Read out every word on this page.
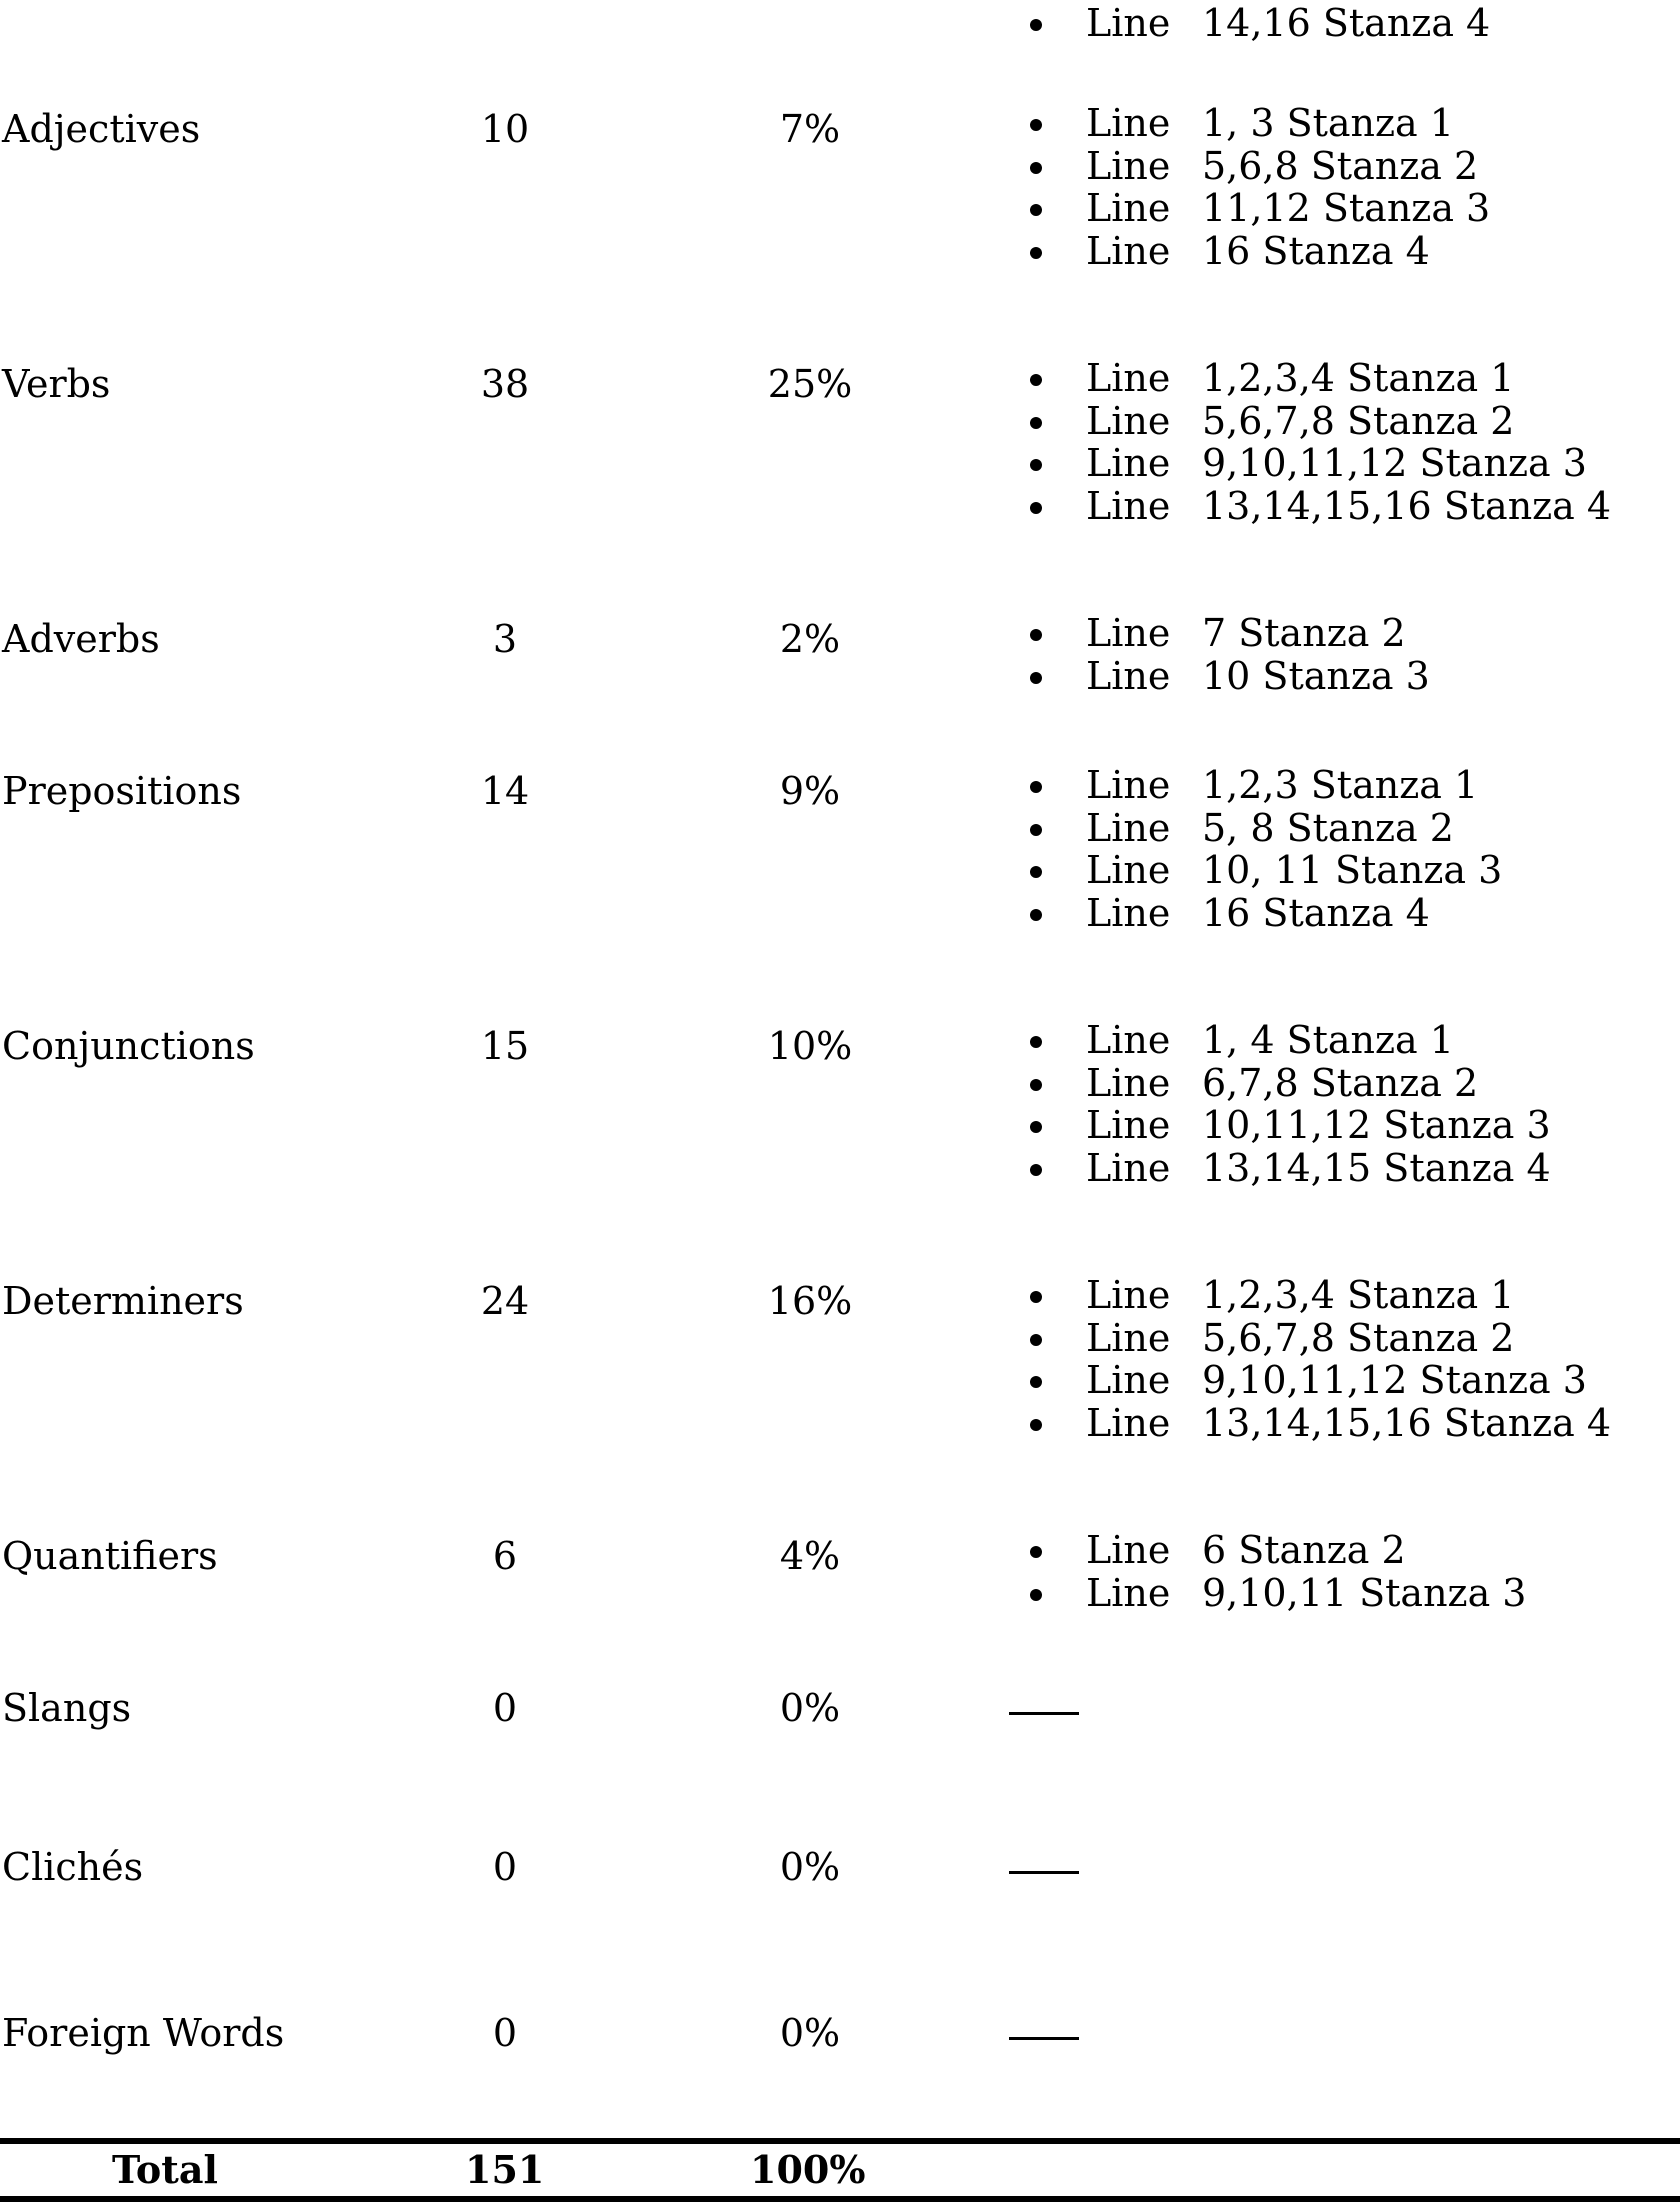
Line 14,16 Stanza 4
Adjectives	10	7%	Line 1, 3 Stanza 1
Line 5,6,8 Stanza 2
Line 11,12 Stanza 3
Line 16 Stanza 4
Verbs	38	25%	Line 1,2,3,4 Stanza 1
Line 5,6,7,8 Stanza 2
Line 9,10,11,12 Stanza 3
Line 13,14,15,16 Stanza 4
Adverbs	3	2%	Line 7 Stanza 2
Line 10 Stanza 3
Prepositions	14	9%	Line 1,2,3 Stanza 1
Line 5, 8 Stanza 2
Line 10, 11 Stanza 3
Line 16 Stanza 4
Conjunctions	15	10%	Line 1, 4 Stanza 1
Line 6,7,8 Stanza 2
Line 10,11,12 Stanza 3
Line 13,14,15 Stanza 4
Determiners	24	16%	Line 1,2,3,4 Stanza 1
Line 5,6,7,8 Stanza 2
Line 9,10,11,12 Stanza 3
Line 13,14,15,16 Stanza 4
Quantifiers	6	4%	Line 6 Stanza 2
Line 9,10,11 Stanza 3
Slangs	0	0%
Clichés	0	0%
Foreign Words	0	0%
Total	151	100%
